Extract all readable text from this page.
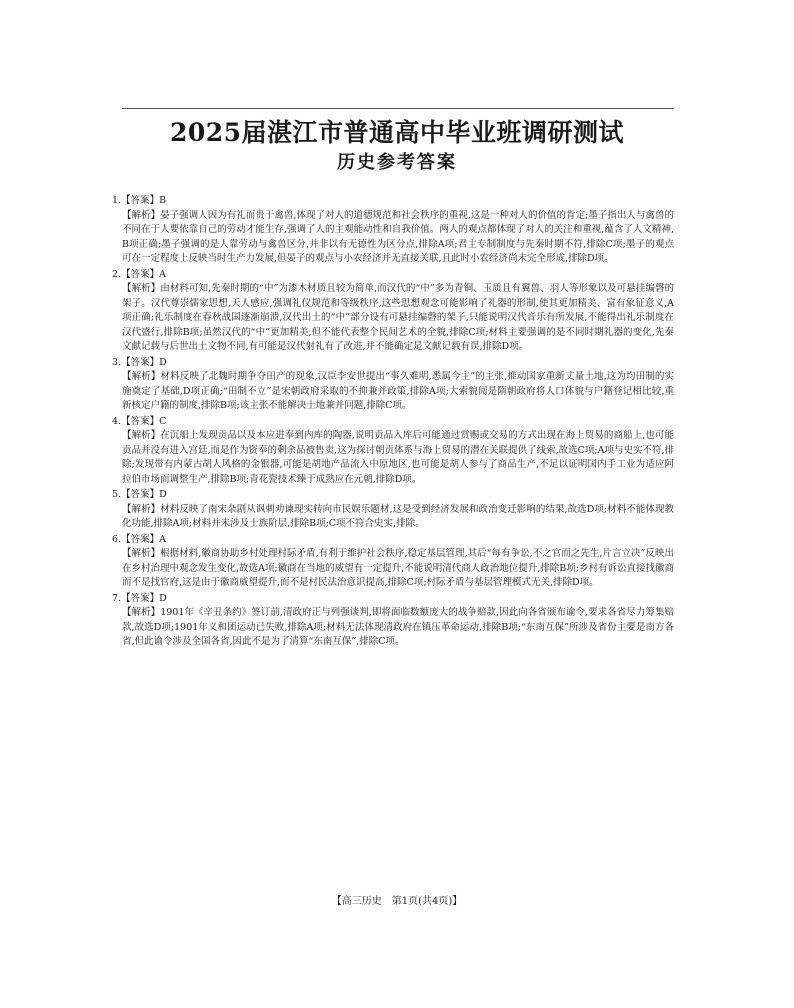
2025届湛江市普通高中毕业班调研测试
历史参考答案

1.【答案】B

【解析】晏子强调人因为有礼而贵于禽兽,体现了对人的道德规范和社会秩序的重视,这是一种对人的价值的肯定;墨子指出人与禽兽的不同在于人要依靠自己的劳动才能生存,强调了人的主观能动性和自我价值。两人的观点都体现了对人的关注和重视,蕴含了人文精神,B项正确;墨子强调的是人靠劳动与禽兽区分,并非以有无德性为区分点,排除A项;君主专制制度与先秦时期不符,排除C项;墨子的观点可在一定程度上反映当时生产力发展,但晏子的观点与小农经济并无直接关联,且此时小农经济尚未完全形成,排除D项。

2.【答案】A

【解析】由材料可知,先秦时期的“中”为漆木材质且较为简单,而汉代的“中”多为青铜、玉质且有翼兽、羽人等形象以及可悬挂编磬的架子。汉代尊崇儒家思想,天人感应,强调礼仪规范和等级秩序,这些思想观念可能影响了礼器的形制,使其更加精美、富有象征意义,A项正确;礼乐制度在春秋战国逐渐崩溃,汉代出土的“中”部分设有可悬挂编磬的架子,只能说明汉代音乐有所发展,不能得出礼乐制度在汉代盛行,排除B项;虽然汉代的“中”更加精美,但不能代表整个民间艺术的全貌,排除C项;材料主要强调的是不同时期礼器的变化,先秦文献记载与后世出土文物不同,有可能是汉代射礼有了改进,并不能确定是文献记载有误,排除D项。

3.【答案】D

【解析】材料反映了北魏时期争夺田产的现象,汉臣李安世提出“事久难明,悉属今主”的主张,推动国家重新丈量土地,这为均田制的实施奠定了基础,D项正确;“田制不立”是宋朝政府采取的不抑兼并政策,排除A项;大索貌阅是隋朝政府将人口体貌与户籍登记相比较,重新核定户籍的制度,排除B项;该主张不能解决土地兼并问题,排除C项。

4.【答案】C

【解析】在沉船上发现贡品以及本应进奉到内库的陶器,说明贡品入库后可能通过赏赐或交易的方式出现在海上贸易的商船上,也可能贡品并没有进入宫廷,而是作为资奉的剩余品被售卖,这为探讨朝贡体系与海上贸易的潜在关联提供了线索,故选C项;A项与史实不符,排除;发现带有内蒙古胡人风格的金银器,可能是胡地产品流入中原地区,也可能是胡人参与了商品生产,不足以证明国内手工业为适应阿拉伯市场而调整生产,排除B项;青花瓷技术臻于成熟应在元朝,排除D项。

5.【答案】D

【解析】材料反映了南宋杂剧从讽刺劝谏现实转向市民娱乐题材,这是受到经济发展和政治变迁影响的结果,故选D项;材料不能体现教化功能,排除A项;材料并未涉及士族阶层,排除B项;C项不符合史实,排除。

6.【答案】A

【解析】根据材料,徽商协助乡村处理村际矛盾,有利于维护社会秩序,稳定基层管理,其后“每有争讼,不之官而之先生,片言立决”反映出在乡村治理中观念发生变化,故选A项;徽商在当地的威望有一定提升,不能说明清代商人政治地位提升,排除B项;乡村有诉讼直接找徽商而不是找官府,这是由于徽商威望提升,而不是村民法治意识提高,排除C项;村际矛盾与基层管理模式无关,排除D项。

7.【答案】D

【解析】1901年《辛丑条约》签订前,清政府正与列强谈判,即将面临数额庞大的战争赔款,因此向各省颁布谕令,要求各省尽力筹集赔款,故选D项;1901年义和团运动已失败,排除A项;材料无法体现清政府在镇压革命运动,排除B项;“东南互保”所涉及省份主要是南方各省,但此谕令涉及全国各省,因此不是为了清算“东南互保”,排除C项。

【高三历史　第1页(共4页)】
